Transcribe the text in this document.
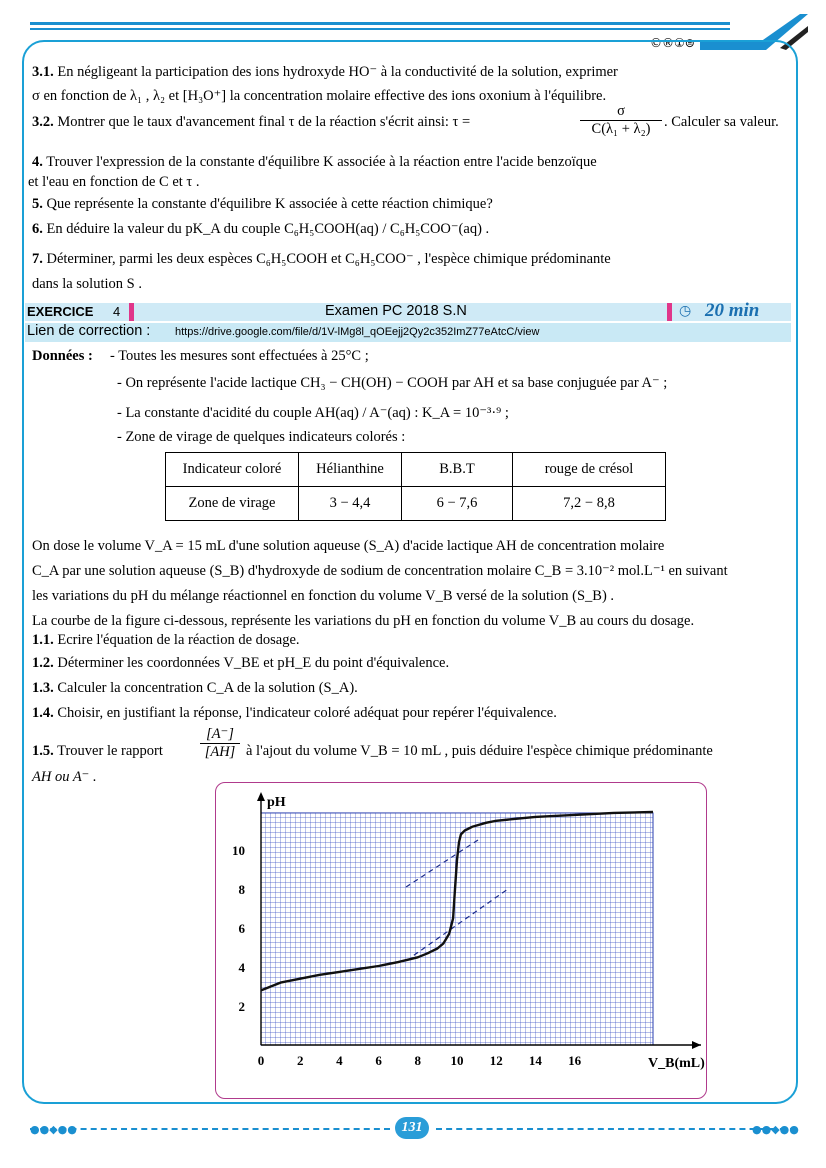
©®①⊜
3.1. En négligeant la participation des ions hydroxyde HO⁻ à la conductivité de la solution, exprimer
σ en fonction de λ₁ , λ₂ et [H₃O⁺] la concentration molaire effective des ions oxonium à l'équilibre.
3.2. Montrer que le taux d'avancement final τ de la réaction s'écrit ainsi: τ =	$\frac{\sigma}{\text{C(λ₁ + λ₂)}}$ . Calculer sa valeur.
4. Trouver l'expression de la constante d'équilibre K associée à la réaction entre l'acide benzoïque
et l'eau en fonction de C et τ .
5. Que représente la constante d'équilibre K associée à cette réaction chimique?
6. En déduire la valeur du pK_A du couple C₆H₅COOH(aq) / C₆H₅COO⁻(aq) .
7. Déterminer, parmi les deux espèces C₆H₅COOH et C₆H₅COO⁻ , l'espèce chimique prédominante
dans la solution S .
EXERCICE 4	Examen PC 2018 S.N	◷ 20 min
Lien de correction : https://drive.google.com/file/d/1V-lMg8l_qOEejj2Qy2c352ImZ77eAtcC/view
Données : - Toutes les mesures sont effectuées à 25°C ;
- On représente l'acide lactique CH₃ − CH(OH) − COOH par AH et sa base conjuguée par A⁻ ;
- La constante d'acidité du couple AH(aq) / A⁻(aq) : K_A = 10⁻³·⁹ ;
- Zone de virage de quelques indicateurs colorés :
Indicateur coloré	Hélianthine	B.B.T	rouge de crésol
Zone de virage	3 − 4,4	6 − 7,6	7,2 − 8,8
On dose le volume V_A = 15 mL d'une solution aqueuse (S_A) d'acide lactique AH de concentration molaire
C_A par une solution aqueuse (S_B) d'hydroxyde de sodium de concentration molaire C_B = 3.10⁻² mol.L⁻¹ en suivant
les variations du pH du mélange réactionnel en fonction du volume V_B versé de la solution (S_B) .
La courbe de la figure ci-dessous, représente les variations du pH en fonction du volume V_B au cours du dosage.
1.1. Ecrire l'équation de la réaction de dosage.
1.2. Déterminer les coordonnées V_BE et pH_E du point d'équivalence.
1.3. Calculer la concentration C_A de la solution (S_A).
1.4. Choisir, en justifiant la réponse, l'indicateur coloré adéquat pour repérer l'équivalence.
1.5. Trouver le rapport	$\frac{[A^-]}{[AH]}$ à l'ajout du volume V_B = 10 mL , puis déduire l'espèce chimique prédominante
AH ou A⁻ .
0	2	4	6	8 10 12 14 16
2
4
6
8
10
pH
V_B(mL)
●●◆●●	●●◆●●
131
